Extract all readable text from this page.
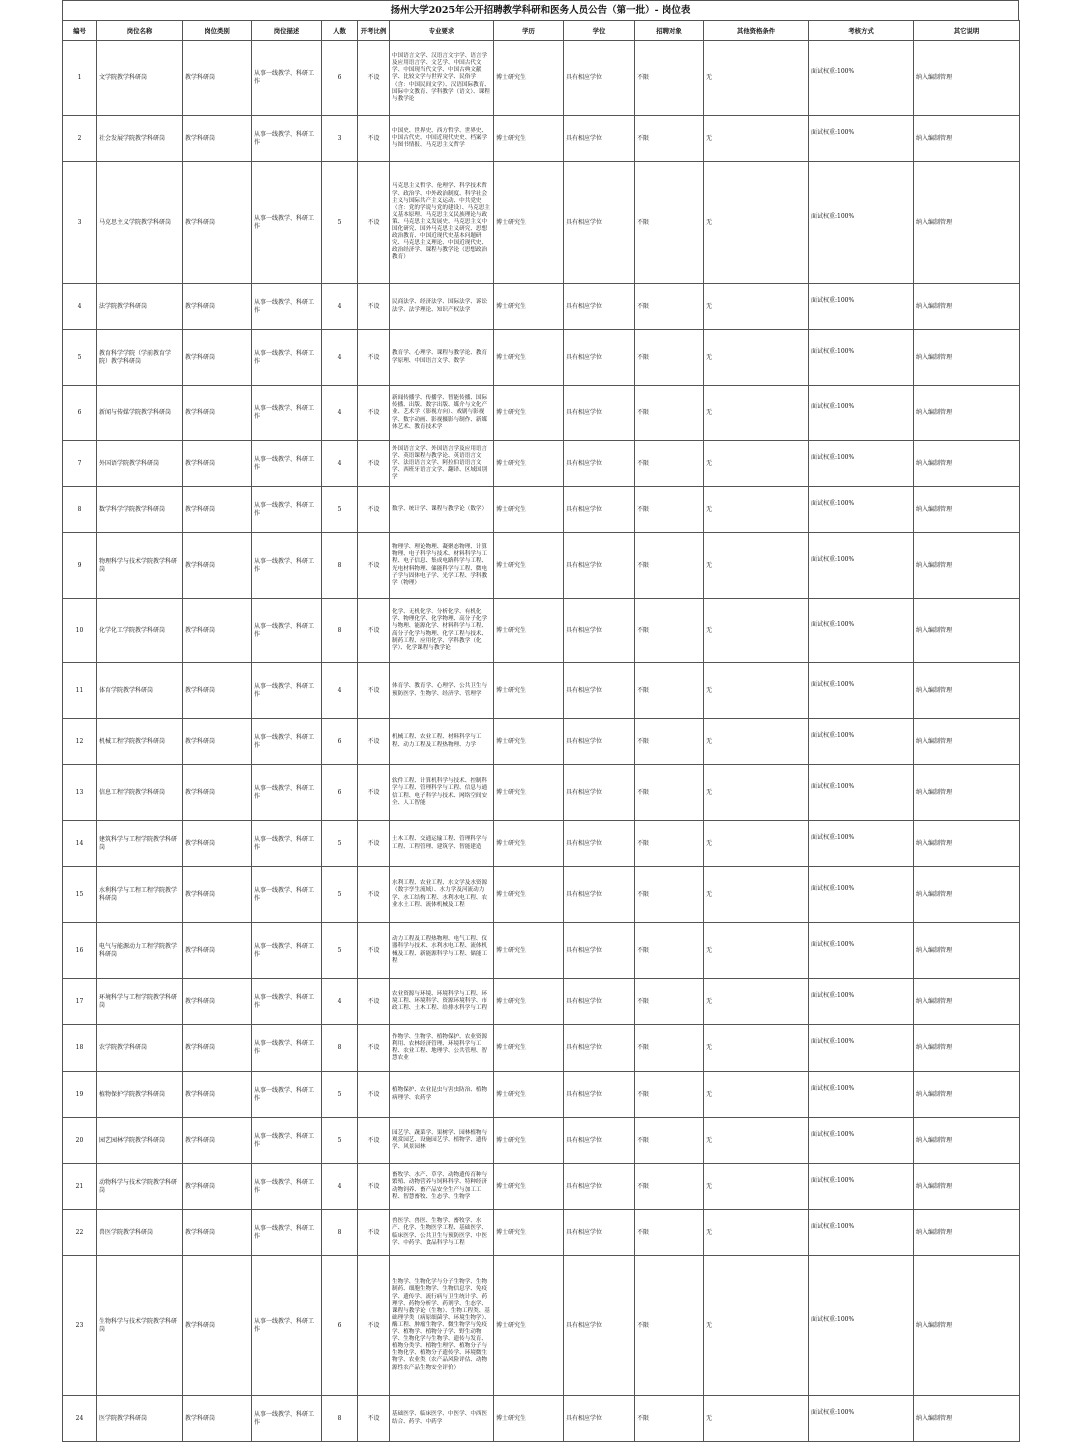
扬州大学2025年公开招聘教学科研和医务人员公告（第一批）- 岗位表
编号	岗位名称	岗位类别	岗位描述	人数	开考比例	专业要求	学历	学位	招聘对象	其他资格条件	考核方式	其它说明
1	文学院教学科研岗	教学科研岗	从事一线教学、科研工作	6	不设	中国语言文学、汉语言文字学、语言学及应用语言学、文艺学、中国古代文学、中国现当代文学、中国古典文献学、比较文学与世界文学、民俗学（含：中国民间文学）、汉语国际教育、国际中文教育、学科教学（语文）、课程与教学论	博士研究生	具有相应学位	不限	无	面试权重:100%	纳入编制管理
2	社会发展学院教学科研岗	教学科研岗	从事一线教学、科研工作	3	不设	中国史、世界史、西方哲学、世界史、中国古代史、中国近现代史史、档案学与图书情报、马克思主义哲学	博士研究生	具有相应学位	不限	无	面试权重:100%	纳入编制管理
3	马克思主义学院教学科研岗	教学科研岗	从事一线教学、科研工作	5	不设	马克思主义哲学、伦理学、科学技术哲学、政治学、中外政治制度、科学社会主义与国际共产主义运动、中共党史（含：党的学说与党的建设）、马克思主义基本原理、马克思主义民族理论与政策、马克思主义发展史、马克思主义中国化研究、国外马克思主义研究、思想政治教育、中国近现代史基本问题研究、马克思主义理论、中国近现代史、政治经济学、课程与教学论（思想政治教育）	博士研究生	具有相应学位	不限	无	面试权重:100%	纳入编制管理
4	法学院教学科研岗	教学科研岗	从事一线教学、科研工作	4	不设	民商法学、经济法学、国际法学、诉讼法学、法学理论、知识产权法学	博士研究生	具有相应学位	不限	无	面试权重:100%	纳入编制管理
5	教育科学学院（学前教育学院）教学科研岗	教学科研岗	从事一线教学、科研工作	4	不设	教育学、心理学、课程与教学论、教育学原理、中国语言文学、数学	博士研究生	具有相应学位	不限	无	面试权重:100%	纳入编制管理
6	新闻与传媒学院教学科研岗	教学科研岗	从事一线教学、科研工作	4	不设	新闻传播学、传播学、智能传播、国际传播、出版、数字出版、媒介与文化产业、艺术学（影视方向）、戏剧与影视学、数字动画、影视摄影与制作、新媒体艺术、教育技术学	博士研究生	具有相应学位	不限	无	面试权重:100%	纳入编制管理
7	外国语学院教学科研岗	教学科研岗	从事一线教学、科研工作	4	不设	外国语言文学、外国语言学及应用语言学、英语课程与教学论、英语语言文学、法语语言文学、阿拉伯语语言文学、西班牙语言文学、翻译、区域国别学	博士研究生	具有相应学位	不限	无	面试权重:100%	纳入编制管理
8	数学科学学院教学科研岗	教学科研岗	从事一线教学、科研工作	5	不设	数学、统计学、课程与教学论（数学）	博士研究生	具有相应学位	不限	无	面试权重:100%	纳入编制管理
9	物理科学与技术学院教学科研岗	教学科研岗	从事一线教学、科研工作	8	不设	物理学、理论物理、凝聚态物理、计算物理、电子科学与技术、材料科学与工程、电子信息、集成电路科学与工程、光电材料物理、储能科学与工程、微电子学与固体电子学、光学工程、学科教学（物理）	博士研究生	具有相应学位	不限	无	面试权重:100%	纳入编制管理
10	化学化工学院教学科研岗	教学科研岗	从事一线教学、科研工作	8	不设	化学、无机化学、分析化学、有机化学、物理化学、化学物理、高分子化学与物理、能源化学、材料科学与工程、高分子化学与物理、化学工程与技术、制药工程、应用化学、学科教学（化学）、化学课程与教学论	博士研究生	具有相应学位	不限	无	面试权重:100%	纳入编制管理
11	体育学院教学科研岗	教学科研岗	从事一线教学、科研工作	4	不设	体育学、教育学、心理学、公共卫生与预防医学、生物学、经济学、管理学	博士研究生	具有相应学位	不限	无	面试权重:100%	纳入编制管理
12	机械工程学院教学科研岗	教学科研岗	从事一线教学、科研工作	6	不设	机械工程、农业工程、材料科学与工程、动力工程及工程热物理、力学	博士研究生	具有相应学位	不限	无	面试权重:100%	纳入编制管理
13	信息工程学院教学科研岗	教学科研岗	从事一线教学、科研工作	6	不设	软件工程、计算机科学与技术、控制科学与工程、管理科学与工程、信息与通信工程、电子科学与技术、网络空间安全、人工智能	博士研究生	具有相应学位	不限	无	面试权重:100%	纳入编制管理
14	建筑科学与工程学院教学科研岗	教学科研岗	从事一线教学、科研工作	5	不设	土木工程、交通运输工程、管理科学与工程、工程管理、建筑学、智能建造	博士研究生	具有相应学位	不限	无	面试权重:100%	纳入编制管理
15	水利科学与工程工程学院教学科研岗	教学科研岗	从事一线教学、科研工作	5	不设	水利工程、农业工程、水文学及水资源（数字孪生流域）、水力学及河流动力学、水工结构工程、水利水电工程、农业水土工程、流体机械及工程	博士研究生	具有相应学位	不限	无	面试权重:100%	纳入编制管理
16	电气与能源动力工程学院教学科研岗	教学科研岗	从事一线教学、科研工作	5	不设	动力工程及工程热物理、电气工程、仪器科学与技术、水利水电工程、流体机械及工程、新能源科学与工程、储能工程	博士研究生	具有相应学位	不限	无	面试权重:100%	纳入编制管理
17	环境科学与工程学院教学科研岗	教学科研岗	从事一线教学、科研工作	4	不设	农业资源与环境、环境科学与工程、环境工程、环境科学、资源环境科学、市政工程、土木工程、给排水科学与工程	博士研究生	具有相应学位	不限	无	面试权重:100%	纳入编制管理
18	农学院教学科研岗	教学科研岗	从事一线教学、科研工作	8	不设	作物学、生物学、植物保护、农业资源利用、农林经济管理、环境科学与工程、农业工程、地理学、公共管理、智慧农业	博士研究生	具有相应学位	不限	无	面试权重:100%	纳入编制管理
19	植物保护学院教学科研岗	教学科研岗	从事一线教学、科研工作	5	不设	植物保护、农业昆虫与害虫防治、植物病理学、农药学	博士研究生	具有相应学位	不限	无	面试权重:100%	纳入编制管理
20	园艺园林学院教学科研岗	教学科研岗	从事一线教学、科研工作	5	不设	园艺学、蔬菜学、果树学、园林植物与观赏园艺、设施园艺学、植物学、遗传学、风景园林	博士研究生	具有相应学位	不限	无	面试权重:100%	纳入编制管理
21	动物科学与技术学院教学科研岗	教学科研岗	从事一线教学、科研工作	4	不设	畜牧学、水产、草学、动物遗传育种与繁殖、动物营养与饲料科学、特种经济动物饲养、畜产品安全生产与加工工程、智慧畜牧、生态学、生物学	博士研究生	具有相应学位	不限	无	面试权重:100%	纳入编制管理
22	兽医学院教学科研岗	教学科研岗	从事一线教学、科研工作	8	不设	兽医学、兽医、生物学、畜牧学、水产、化学、生物医学工程、基础医学、临床医学、公共卫生与预防医学、中医学、中药学、食品科学与工程	博士研究生	具有相应学位	不限	无	面试权重:100%	纳入编制管理
23	生物科学与技术学院教学科研岗	教学科研岗	从事一线教学、科研工作	6	不设	生物学、生物化学与分子生物学、生物制药、细胞生物学、生物信息学、免疫学、遗传学、流行病与卫生统计学、药理学、药物分析学、药剂学、生态学、课程与教学论（生物）、生物工程类、基础理学类（病原细菌学、环境生物学）、酶工程、肿瘤生物学、微生物学与免疫学、植物学、植物分子学、野生动物学、生物化学与生物学、遗传与发育、植物分类学、植物生理学、植物分子与生物化学、植物分子遗传学、环境微生物学、农业类（农产品风险评估、动物源性农产品生物安全评价）	博士研究生	具有相应学位	不限	无	面试权重:100%	纳入编制管理
24	医学院教学科研岗	教学科研岗	从事一线教学、科研工作	8	不设	基础医学、临床医学、中医学、中西医结合、药学、中药学	博士研究生	具有相应学位	不限	无	面试权重:100%	纳入编制管理
